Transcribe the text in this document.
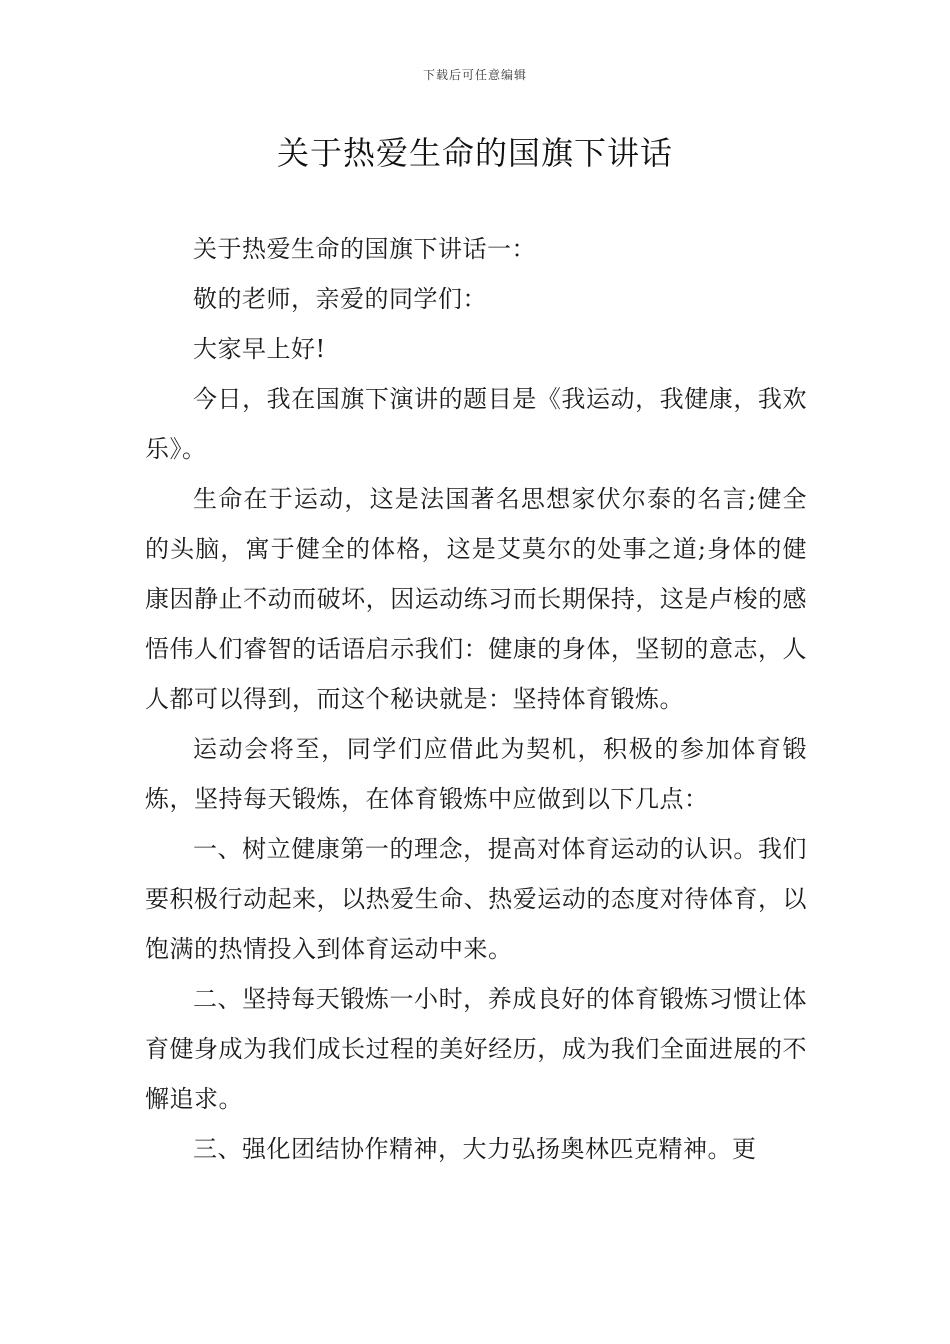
下载后可任意编辑
关于热爱生命的国旗下讲话

关于热爱生命的国旗下讲话一：

敬的老师，亲爱的同学们：

大家早上好!

今日，我在国旗下演讲的题目是《我运动，我健康，我欢乐》。

生命在于运动，这是法国著名思想家伏尔泰的名言;健全的头脑，寓于健全的体格，这是艾莫尔的处事之道;身体的健康因静止不动而破坏，因运动练习而长期保持，这是卢梭的感悟伟人们睿智的话语启示我们：健康的身体，坚韧的意志，人人都可以得到，而这个秘诀就是：坚持体育锻炼。

运动会将至，同学们应借此为契机，积极的参加体育锻炼，坚持每天锻炼，在体育锻炼中应做到以下几点：

一、树立健康第一的理念，提高对体育运动的认识。我们要积极行动起来，以热爱生命、热爱运动的态度对待体育，以饱满的热情投入到体育运动中来。

二、坚持每天锻炼一小时，养成良好的体育锻炼习惯让体育健身成为我们成长过程的美好经历，成为我们全面进展的不懈追求。

三、强化团结协作精神，大力弘扬奥林匹克精神。更
